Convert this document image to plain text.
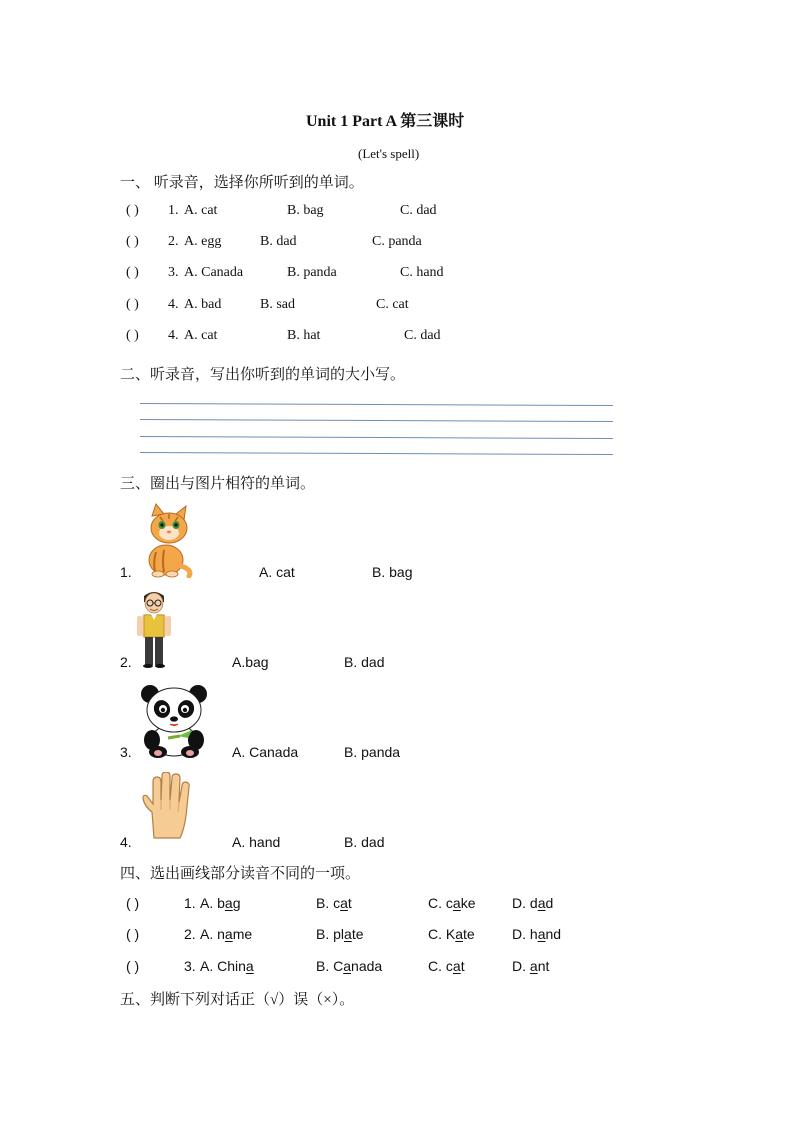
Unit 1 Part A 第三课时
(Let's spell)
一、 听录音，选择你所听到的单词。
( ) 1. A. cat	B. bag	C. dad
( ) 2. A. egg	B. dad	C. panda
( ) 3. A. Canada	B. panda	C. hand
( ) 4. A. bad	B. sad	C. cat
( ) 4. A. cat	B. hat	C. dad
二、听录音，写出你听到的单词的大小写。
三、圈出与图片相符的单词。
1.	A. cat	B. bag
2.	A.bag	B. dad
3.	A. Canada	B. panda
4.	A. hand	B. dad
四、选出画线部分读音不同的一项。
( )	1. A. bag	B. cat	C. cake	D. dad
( )	2. A. name	B. plate	C. Kate	D. hand
( )	3. A. China	B. Canada	C. cat	D. ant
五、判断下列对话正（√）误（×）。
